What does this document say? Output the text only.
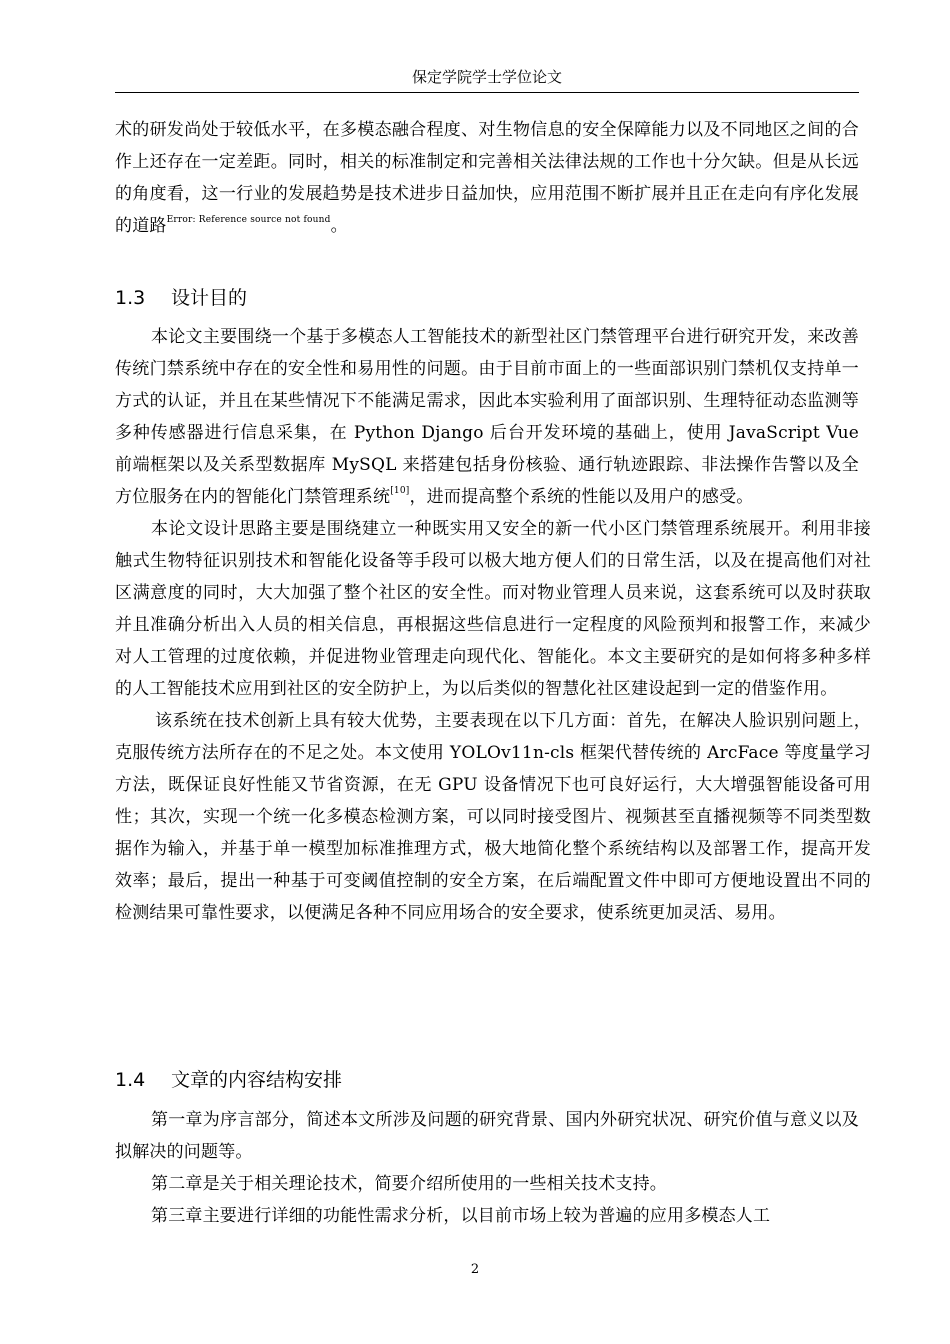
保定学院学士学位论文

术的研发尚处于较低水平，在多模态融合程度、对生物信息的安全保障能力以及不同地区之间的合作上还存在一定差距。同时，相关的标准制定和完善相关法律法规的工作也十分欠缺。但是从长远的角度看，这一行业的发展趋势是技术进步日益加快，应用范围不断扩展并且正在走向有序化发展的道路$^{Error: Reference source not found}$。

1.3 设计目的

本论文主要围绕一个基于多模态人工智能技术的新型社区门禁管理平台进行研究开发，来改善传统门禁系统中存在的安全性和易用性的问题。由于目前市面上的一些面部识别门禁机仅支持单一方式的认证，并且在某些情况下不能满足需求，因此本实验利用了面部识别、生理特征动态监测等多种传感器进行信息采集，在 Python Django 后台开发环境的基础上，使用 JavaScript Vue 前端框架以及关系型数据库 MySQL 来搭建包括身份核验、通行轨迹跟踪、非法操作告警以及全方位服务在内的智能化门禁管理系统[10]，进而提高整个系统的性能以及用户的感受。

本论文设计思路主要是围绕建立一种既实用又安全的新一代小区门禁管理系统展开。利用非接触式生物特征识别技术和智能化设备等手段可以极大地方便人们的日常生活，以及在提高他们对社区满意度的同时，大大加强了整个社区的安全性。而对物业管理人员来说，这套系统可以及时获取并且准确分析出入人员的相关信息，再根据这些信息进行一定程度的风险预判和报警工作，来减少对人工管理的过度依赖，并促进物业管理走向现代化、智能化。本文主要研究的是如何将多种多样的人工智能技术应用到社区的安全防护上，为以后类似的智慧化社区建设起到一定的借鉴作用。

该系统在技术创新上具有较大优势，主要表现在以下几方面：首先，在解决人脸识别问题上，克服传统方法所存在的不足之处。本文使用 YOLOv11n-cls 框架代替传统的 ArcFace 等度量学习方法，既保证良好性能又节省资源，在无 GPU 设备情况下也可良好运行，大大增强智能设备可用性；其次，实现一个统一化多模态检测方案，可以同时接受图片、视频甚至直播视频等不同类型数据作为输入，并基于单一模型加标准推理方式，极大地简化整个系统结构以及部署工作，提高开发效率；最后，提出一种基于可变阈值控制的安全方案，在后端配置文件中即可方便地设置出不同的检测结果可靠性要求，以便满足各种不同应用场合的安全要求，使系统更加灵活、易用。

1.4 文章的内容结构安排

第一章为序言部分，简述本文所涉及问题的研究背景、国内外研究状况、研究价值与意义以及拟解决的问题等。

第二章是关于相关理论技术，简要介绍所使用的一些相关技术支持。

第三章主要进行详细的功能性需求分析，以目前市场上较为普遍的应用多模态人工

2
